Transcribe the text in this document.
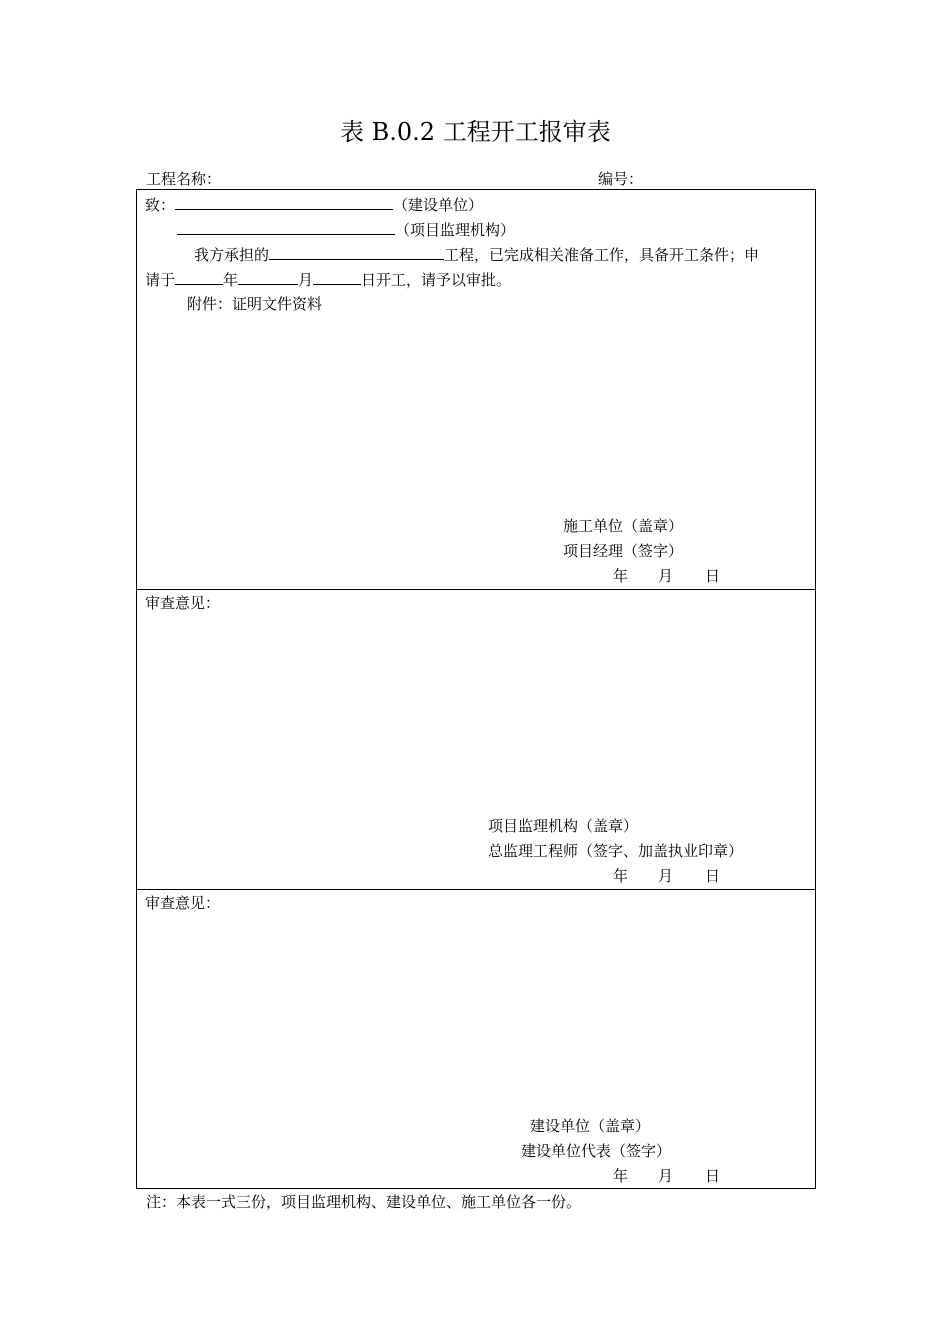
表 B.0.2 工程开工报审表
工程名称：	编号：
致：	（建设单位）
（项目监理机构）
我方承担的	工程，已完成相关准备工作，具备开工条件；申
请于	年	月	日开工，请予以审批。
附件：证明文件资料
施工单位（盖章）
项目经理（签字）
年 月 日
审查意见：
项目监理机构（盖章）
总监理工程师（签字、加盖执业印章）
年 月 日
审查意见：
建设单位（盖章）
建设单位代表（签字）
年 月 日
注：本表一式三份，项目监理机构、建设单位、施工单位各一份。
